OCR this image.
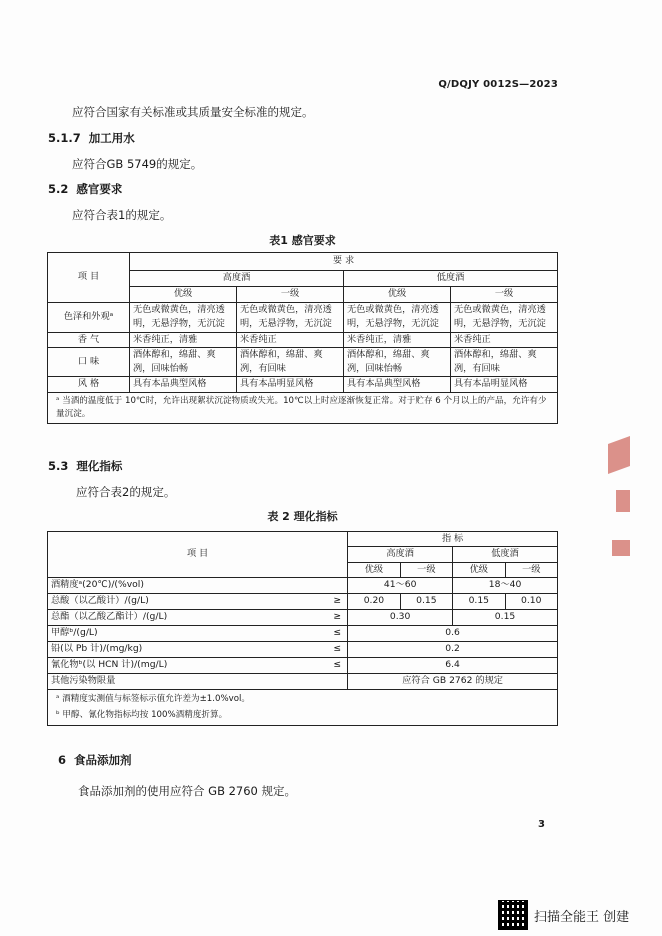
Q/DQJY 0012S—2023
应符合国家有关标准或其质量安全标准的规定。
5.1.7 加工用水
应符合GB 5749的规定。
5.2 感官要求
应符合表1的规定。
表1 感官要求
项 目	要 求			
	高度酒		低度酒	
	优级	一级	优级	一级
色泽和外观ᵃ	无色或微黄色，清亮透明，无悬浮物，无沉淀	无色或微黄色，清亮透明，无悬浮物，无沉淀	无色或微黄色，清亮透明，无悬浮物，无沉淀	无色或微黄色，清亮透明，无悬浮物，无沉淀
香 气	米香纯正，清雅	米香纯正	米香纯正，清雅	米香纯正
口 味	酒体醇和，绵甜、爽冽，回味怡畅	酒体醇和，绵甜、爽冽，有回味	酒体醇和，绵甜、爽冽，回味怡畅	酒体醇和，绵甜、爽冽，有回味
风 格	具有本品典型风格	具有本品明显风格	具有本品典型风格	具有本品明显风格
ᵃ 当酒的温度低于 10℃时，允许出现絮状沉淀物质或失光。10℃以上时应逐渐恢复正常。对于贮存 6 个月以上的产品，允许有少量沉淀。				
5.3 理化指标
应符合表2的规定。
表 2 理化指标
项 目		指 标			
		高度酒		低度酒	
		优级	一级	优级	一级
酒精度ᵃ(20℃)/(%vol)		41～60		18～40	
总酸（以乙酸计）/(g/L)	≥	0.20	0.15	0.15	0.10
总酯（以乙酸乙酯计）/(g/L)	≥	0.30		0.15	
甲醇ᵇ/(g/L)	≤	0.6			
铅(以 Pb 计)/(mg/kg)	≤	0.2			
氰化物ᵇ(以 HCN 计)/(mg/L)	≤	6.4			
其他污染物限量		应符合 GB 2762 的规定			

ᵃ 酒精度实测值与标签标示值允许差为±1.0%vol。
ᵇ 甲醇、氰化物指标均按 100%酒精度折算。					
6 食品添加剂
食品添加剂的使用应符合 GB 2760 规定。
3
扫描全能王 创建
